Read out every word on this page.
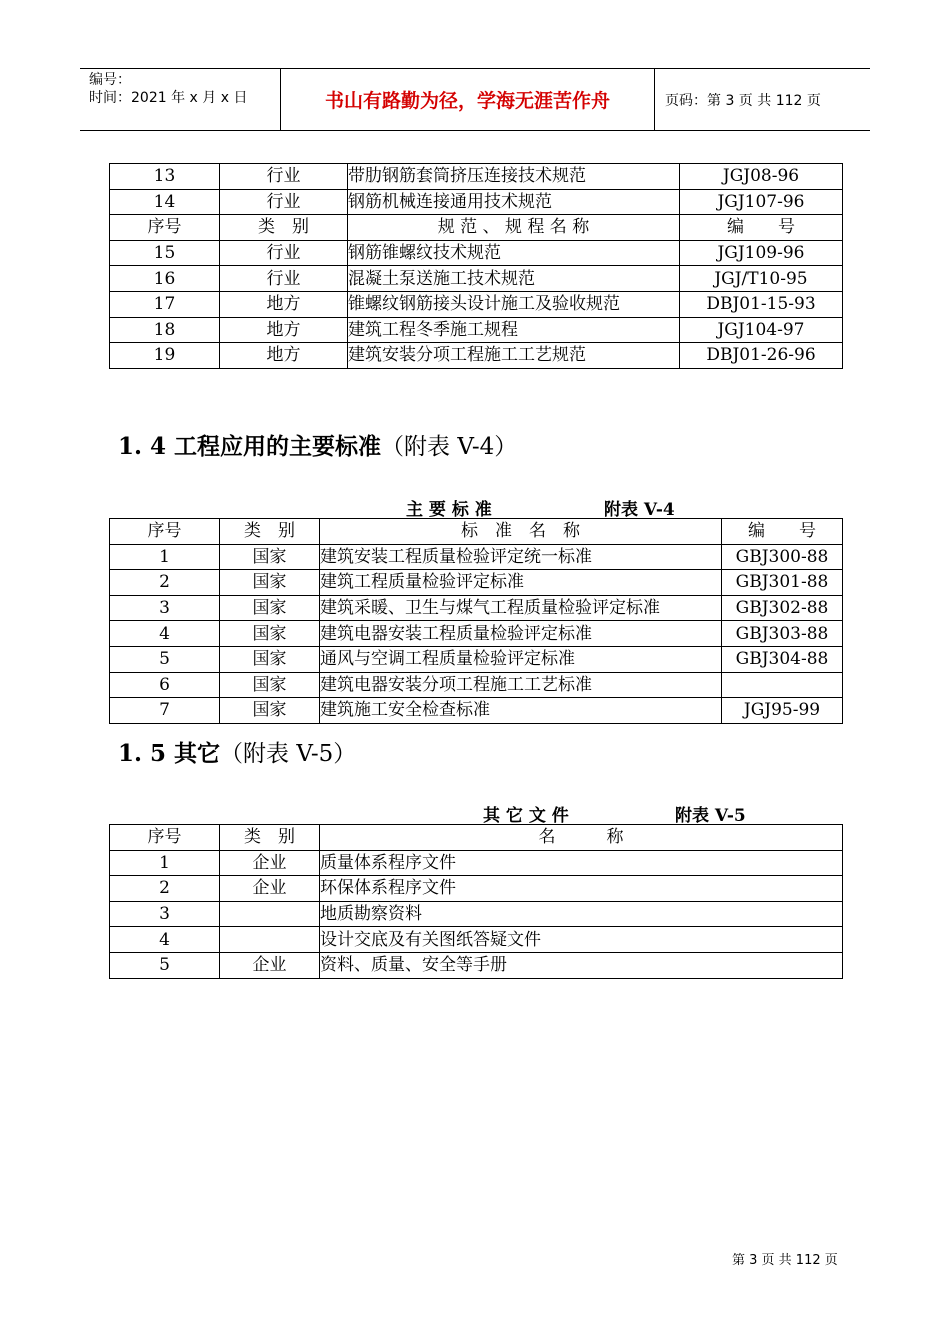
编号：
时间：2021 年 x 月 x 日	书山有路勤为径，学海无涯苦作舟	页码：第 3 页 共 112 页
13	行业	带肋钢筋套筒挤压连接技术规范	JGJ08-96
14	行业	钢筋机械连接通用技术规范	JGJ107-96
序号	类　别	规 范 、 规 程 名 称	编　　号
15	行业	钢筋锥螺纹技术规范	JGJ109-96
16	行业	混凝土泵送施工技术规范	JGJ/T10-95
17	地方	锥螺纹钢筋接头设计施工及验收规范	DBJ01-15-93
18	地方	建筑工程冬季施工规程	JGJ104-97
19	地方	建筑安装分项工程施工工艺规范	DBJ01-26-96
1. 4 工程应用的主要标准（附表 V-4）
主 要 标 准	附表 V-4
序号	类　别	标　准　名　称	编　　号
1	国家	建筑安装工程质量检验评定统一标准	GBJ300-88
2	国家	建筑工程质量检验评定标准	GBJ301-88
3	国家	建筑采暖、卫生与煤气工程质量检验评定标准	GBJ302-88
4	国家	建筑电器安装工程质量检验评定标准	GBJ303-88
5	国家	通风与空调工程质量检验评定标准	GBJ304-88
6	国家	建筑电器安装分项工程施工工艺标准	
7	国家	建筑施工安全检查标准	JGJ95-99
1. 5 其它（附表 V-5）
其 它 文 件	附表 V-5
序号	类　别	名　　　称
1	企业	质量体系程序文件
2	企业	环保体系程序文件
3		地质勘察资料
4		设计交底及有关图纸答疑文件
5	企业	资料、质量、安全等手册
第 3 页 共 112 页
